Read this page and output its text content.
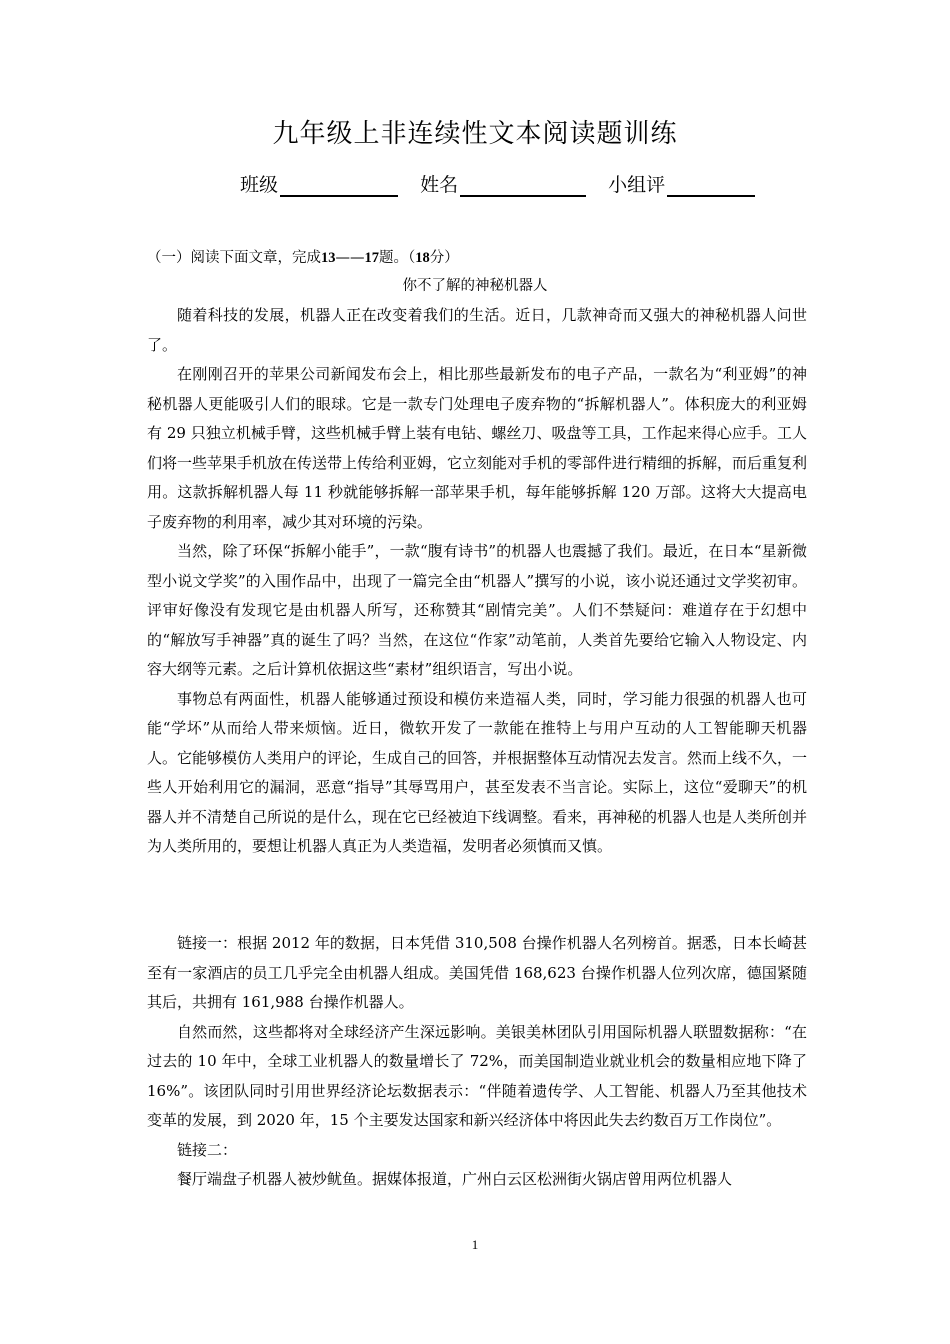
九年级上非连续性文本阅读题训练
班级	姓名	小组评
（一）阅读下面文章，完成13——17题。（18分）
你不了解的神秘机器人

随着科技的发展，机器人正在改变着我们的生活。近日，几款神奇而又强大的神秘机器人问世了。

在刚刚召开的苹果公司新闻发布会上，相比那些最新发布的电子产品，一款名为“利亚姆”的神秘机器人更能吸引人们的眼球。它是一款专门处理电子废弃物的“拆解机器人”。体积庞大的利亚姆有 29 只独立机械手臂，这些机械手臂上装有电钻、螺丝刀、吸盘等工具，工作起来得心应手。工人们将一些苹果手机放在传送带上传给利亚姆，它立刻能对手机的零部件进行精细的拆解，而后重复利用。这款拆解机器人每 11 秒就能够拆解一部苹果手机，每年能够拆解 120 万部。这将大大提高电子废弃物的利用率，减少其对环境的污染。

当然，除了环保“拆解小能手”，一款“腹有诗书”的机器人也震撼了我们。最近，在日本“星新微型小说文学奖”的入围作品中，出现了一篇完全由“机器人”撰写的小说，该小说还通过文学奖初审。评审好像没有发现它是由机器人所写，还称赞其“剧情完美”。人们不禁疑问：难道存在于幻想中的“解放写手神器”真的诞生了吗？当然，在这位“作家”动笔前，人类首先要给它输入人物设定、内容大纲等元素。之后计算机依据这些“素材”组织语言，写出小说。

事物总有两面性，机器人能够通过预设和模仿来造福人类，同时，学习能力很强的机器人也可能“学坏”从而给人带来烦恼。近日，微软开发了一款能在推特上与用户互动的人工智能聊天机器人。它能够模仿人类用户的评论，生成自己的回答，并根据整体互动情况去发言。然而上线不久，一些人开始利用它的漏洞，恶意“指导”其辱骂用户，甚至发表不当言论。实际上，这位“爱聊天”的机器人并不清楚自己所说的是什么，现在它已经被迫下线调整。看来，再神秘的机器人也是人类所创并为人类所用的，要想让机器人真正为人类造福，发明者必须慎而又慎。

链接一：根据 2012 年的数据，日本凭借 310,508 台操作机器人名列榜首。据悉，日本长崎甚至有一家酒店的员工几乎完全由机器人组成。美国凭借 168,623 台操作机器人位列次席，德国紧随其后，共拥有 161,988 台操作机器人。

自然而然，这些都将对全球经济产生深远影响。美银美林团队引用国际机器人联盟数据称：“在过去的 10 年中，全球工业机器人的数量增长了 72%，而美国制造业就业机会的数量相应地下降了 16%”。该团队同时引用世界经济论坛数据表示：“伴随着遗传学、人工智能、机器人乃至其他技术变革的发展，到 2020 年，15 个主要发达国家和新兴经济体中将因此失去约数百万工作岗位”。

链接二：

餐厅端盘子机器人被炒鱿鱼。据媒体报道，广州白云区松洲街火锅店曾用两位机器人

1
